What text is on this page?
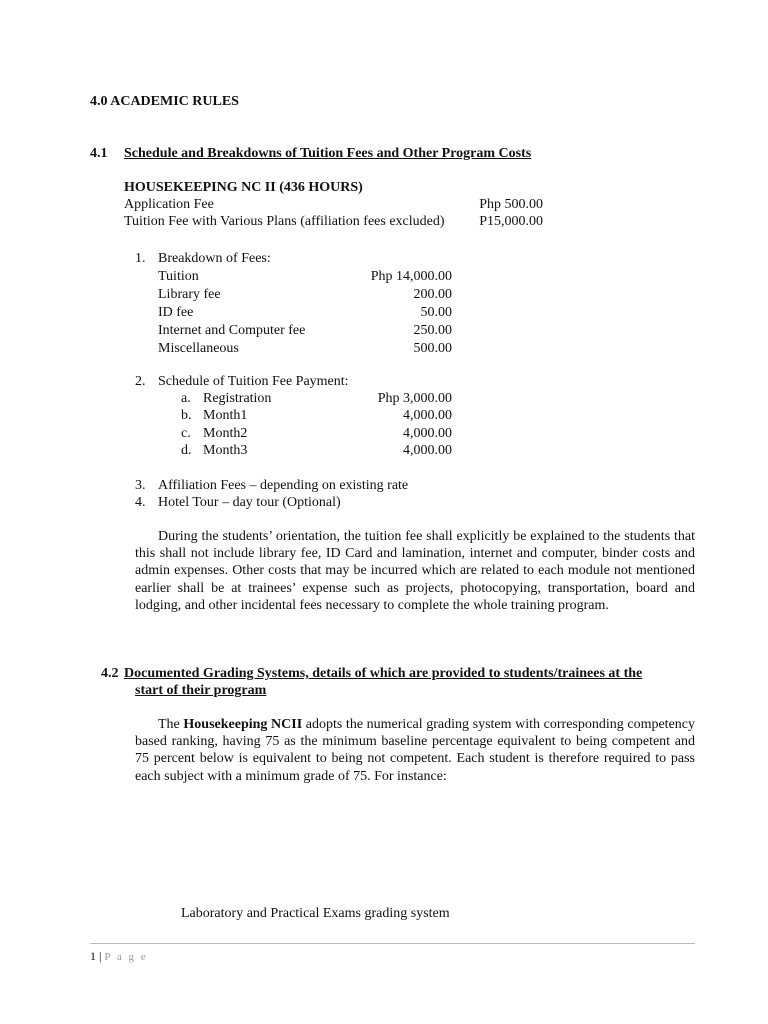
4.0 ACADEMIC RULES
4.1 Schedule and Breakdowns of Tuition Fees and Other Program Costs
HOUSEKEEPING NC II (436 HOURS)
Application Fee	Php 500.00
Tuition Fee with Various Plans (affiliation fees excluded)	P15,000.00
1. Breakdown of Fees:
Tuition	Php 14,000.00
Library fee	200.00
ID fee	50.00
Internet and Computer fee	250.00
Miscellaneous	500.00
2. Schedule of Tuition Fee Payment:
a. Registration	Php 3,000.00
b. Month1	4,000.00
c. Month2	4,000.00
d. Month3	4,000.00
3. Affiliation Fees – depending on existing rate
4. Hotel Tour – day tour (Optional)
During the students’ orientation, the tuition fee shall explicitly be explained to the students that this shall not include library fee, ID Card and lamination, internet and computer, binder costs and admin expenses. Other costs that may be incurred which are related to each module not mentioned earlier shall be at trainees’ expense such as projects, photocopying, transportation, board and lodging, and other incidental fees necessary to complete the whole training program.
4.2 Documented Grading Systems, details of which are provided to students/trainees at the
start of their program
The Housekeeping NCII adopts the numerical grading system with corresponding competency based ranking, having 75 as the minimum baseline percentage equivalent to being competent and 75 percent below is equivalent to being not competent. Each student is therefore required to pass each subject with a minimum grade of 75. For instance:
Laboratory and Practical Exams grading system
1 | P a g e
